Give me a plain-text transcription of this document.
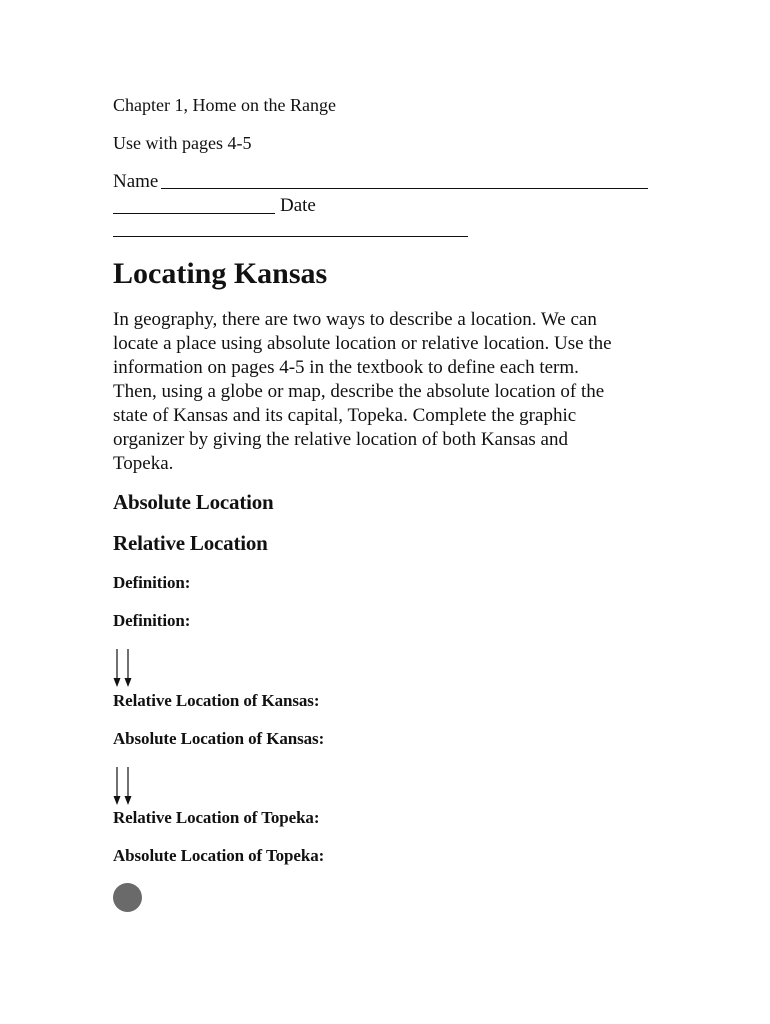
Chapter 1, Home on the Range
Use with pages 4-5
Name
Date
Locating Kansas
In geography, there are two ways to describe a location. We can
locate a place using absolute location or relative location. Use the
information on pages 4-5 in the textbook to define each term.
Then, using a globe or map, describe the absolute location of the
state of Kansas and its capital, Topeka. Complete the graphic
organizer by giving the relative location of both Kansas and
Topeka.
Absolute Location
Relative Location
Definition:
Definition:
Relative Location of Kansas:
Absolute Location of Kansas:
Relative Location of Topeka:
Absolute Location of Topeka:
